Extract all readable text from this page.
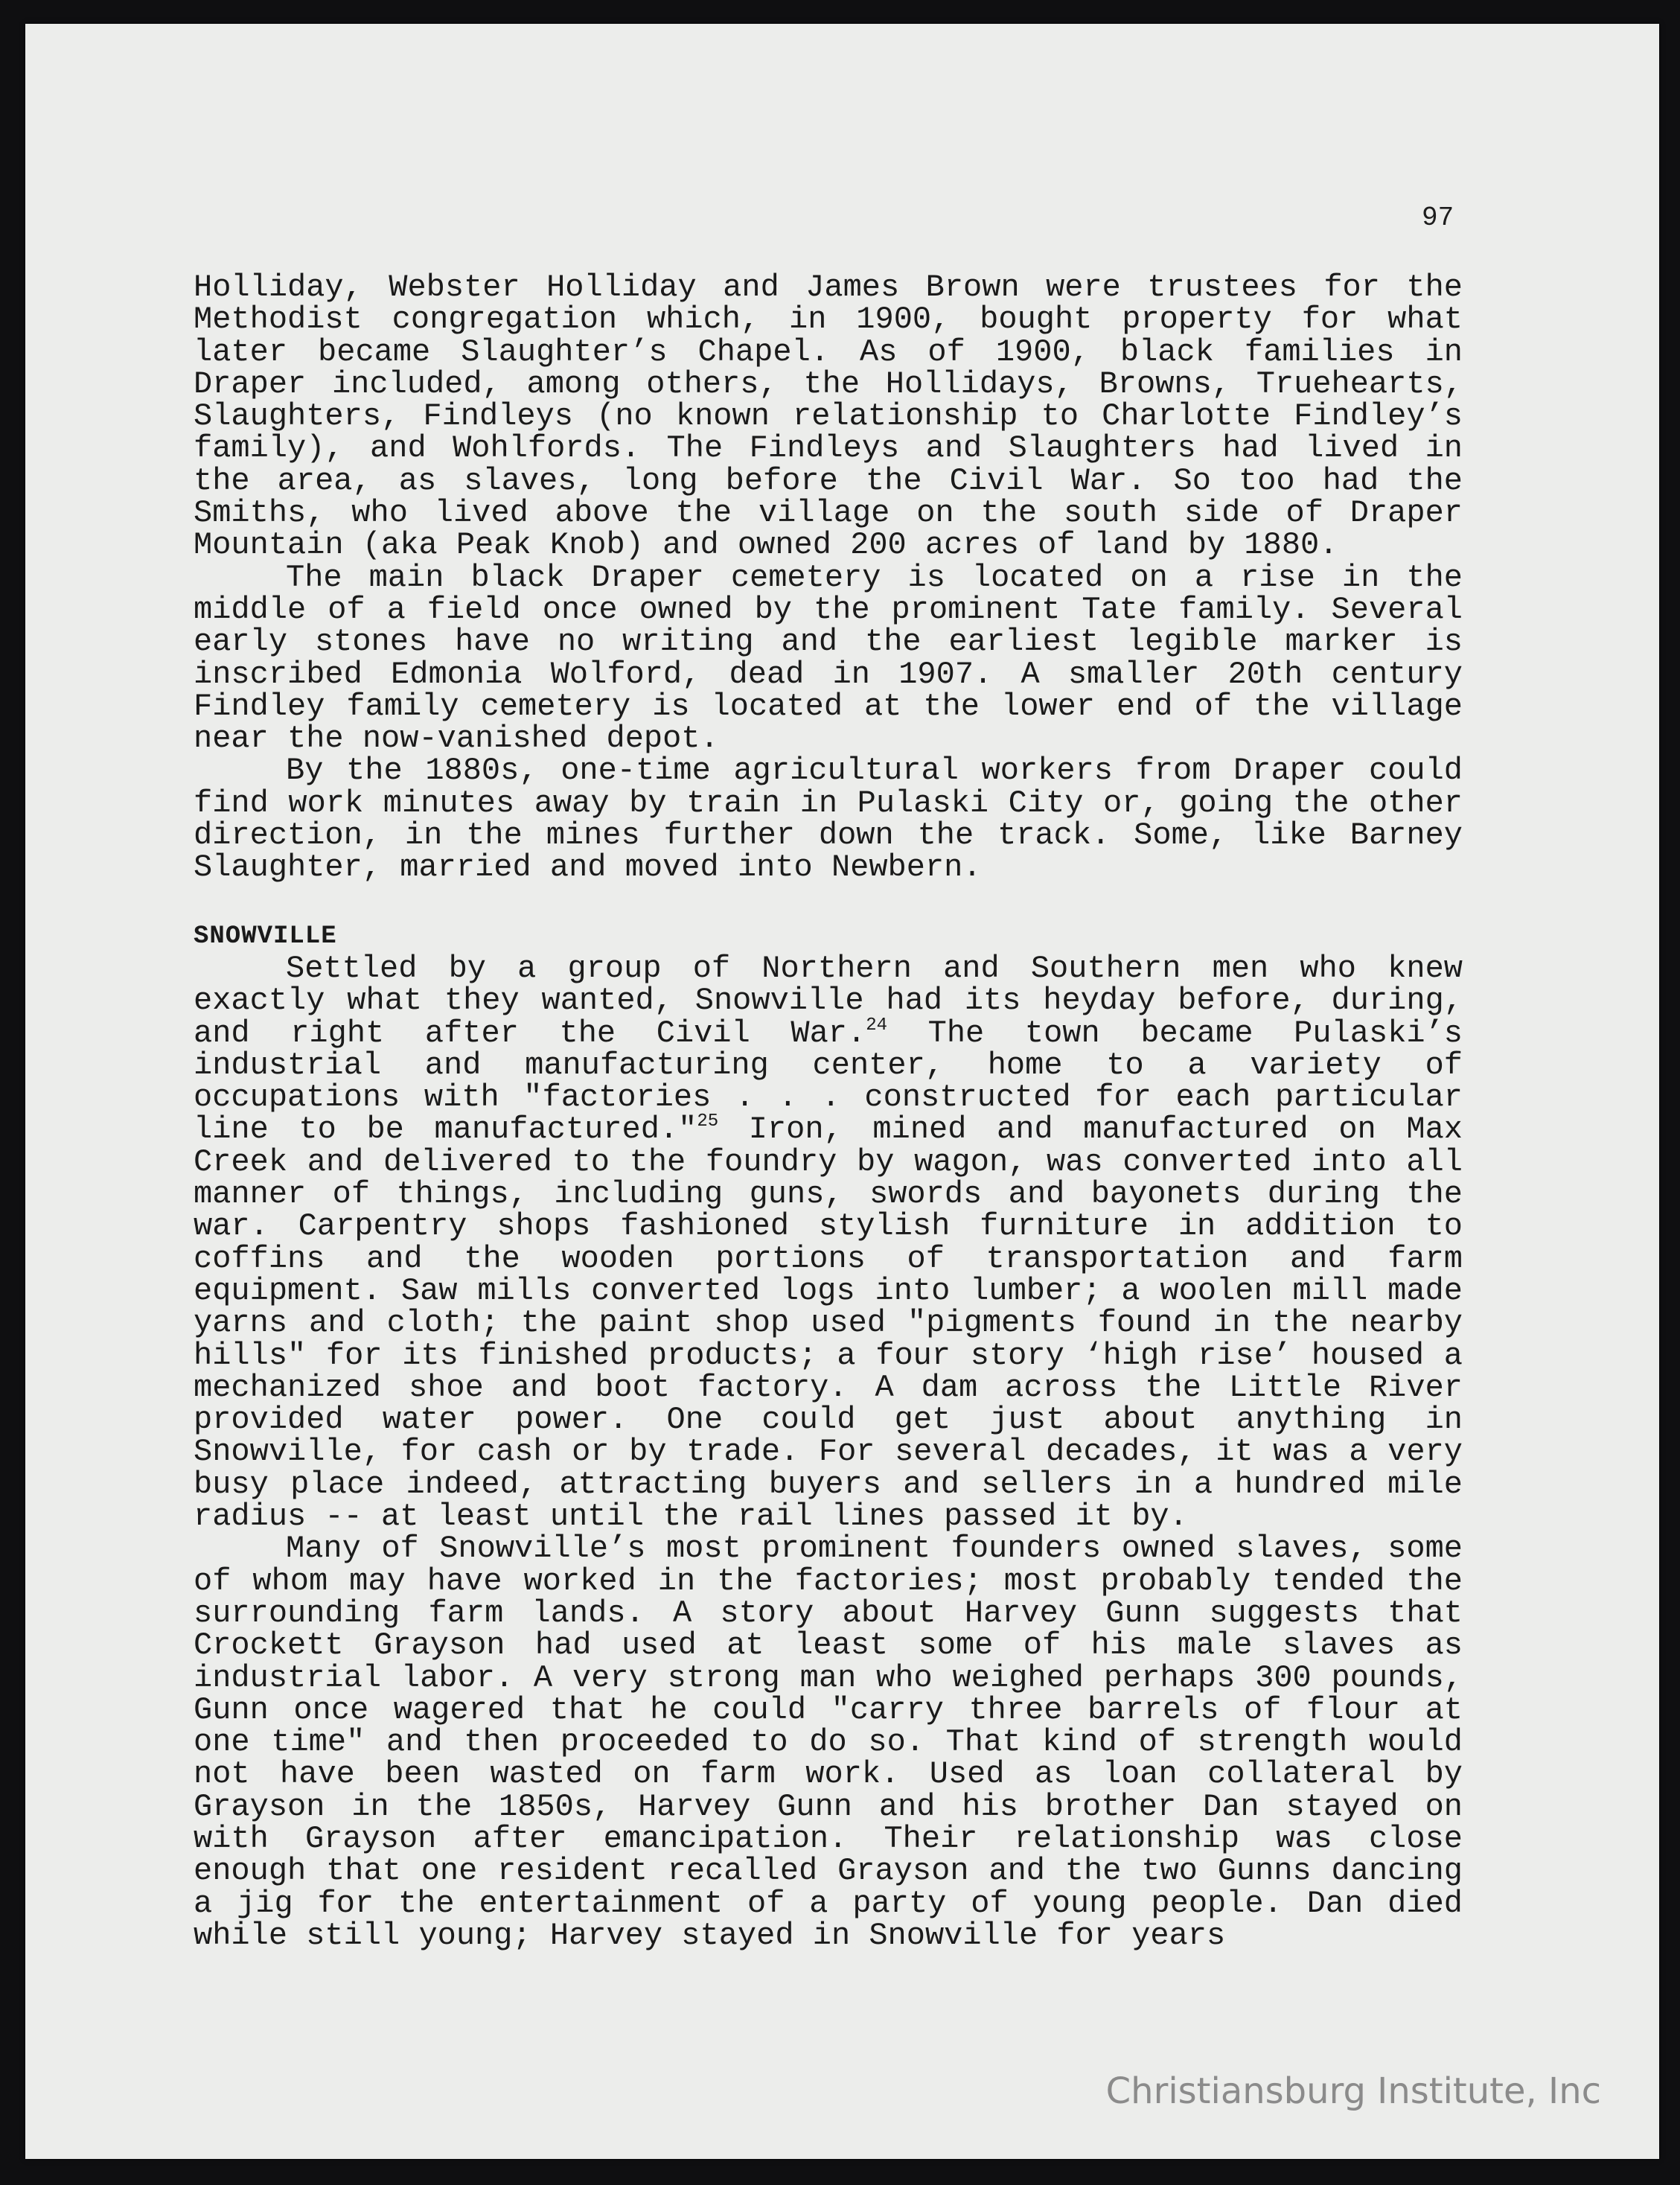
97

Holliday, Webster Holliday and James Brown were trustees for the Methodist congregation which, in 1900, bought property for what later became Slaughter’s Chapel. As of 1900, black families in Draper included, among others, the Hollidays, Browns, Truehearts, Slaughters, Findleys (no known relationship to Charlotte Findley’s family), and Wohlfords. The Findleys and Slaughters had lived in the area, as slaves, long before the Civil War. So too had the Smiths, who lived above the village on the south side of Draper Mountain (aka Peak Knob) and owned 200 acres of land by 1880.

The main black Draper cemetery is located on a rise in the middle of a field once owned by the prominent Tate family. Several early stones have no writing and the earliest legible marker is inscribed Edmonia Wolford, dead in 1907. A smaller 20th century Findley family cemetery is located at the lower end of the village near the now-vanished depot.

By the 1880s, one-time agricultural workers from Draper could find work minutes away by train in Pulaski City or, going the other direction, in the mines further down the track. Some, like Barney Slaughter, married and moved into Newbern.

SNOWVILLE

Settled by a group of Northern and Southern men who knew exactly what they wanted, Snowville had its heyday before, during, and right after the Civil War.$^{24}$ The town became Pulaski’s industrial and manufacturing center, home to a variety of occupations with "factories . . . constructed for each particular line to be manufactured."$^{25}$ Iron, mined and manufactured on Max Creek and delivered to the foundry by wagon, was converted into all manner of things, including guns, swords and bayonets during the war. Carpentry shops fashioned stylish furniture in addition to coffins and the wooden portions of transportation and farm equipment. Saw mills converted logs into lumber; a woolen mill made yarns and cloth; the paint shop used "pigments found in the nearby hills" for its finished products; a four story ‘high rise’ housed a mechanized shoe and boot factory. A dam across the Little River provided water power. One could get just about anything in Snowville, for cash or by trade. For several decades, it was a very busy place indeed, attracting buyers and sellers in a hundred mile radius -- at least until the rail lines passed it by.

Many of Snowville’s most prominent founders owned slaves, some of whom may have worked in the factories; most probably tended the surrounding farm lands. A story about Harvey Gunn suggests that Crockett Grayson had used at least some of his male slaves as industrial labor. A very strong man who weighed perhaps 300 pounds, Gunn once wagered that he could "carry three barrels of flour at one time" and then proceeded to do so. That kind of strength would not have been wasted on farm work. Used as loan collateral by Grayson in the 1850s, Harvey Gunn and his brother Dan stayed on with Grayson after emancipation. Their relationship was close enough that one resident recalled Grayson and the two Gunns dancing a jig for the entertainment of a party of young people. Dan died while still young; Harvey stayed in Snowville for years

Christiansburg Institute, Inc
